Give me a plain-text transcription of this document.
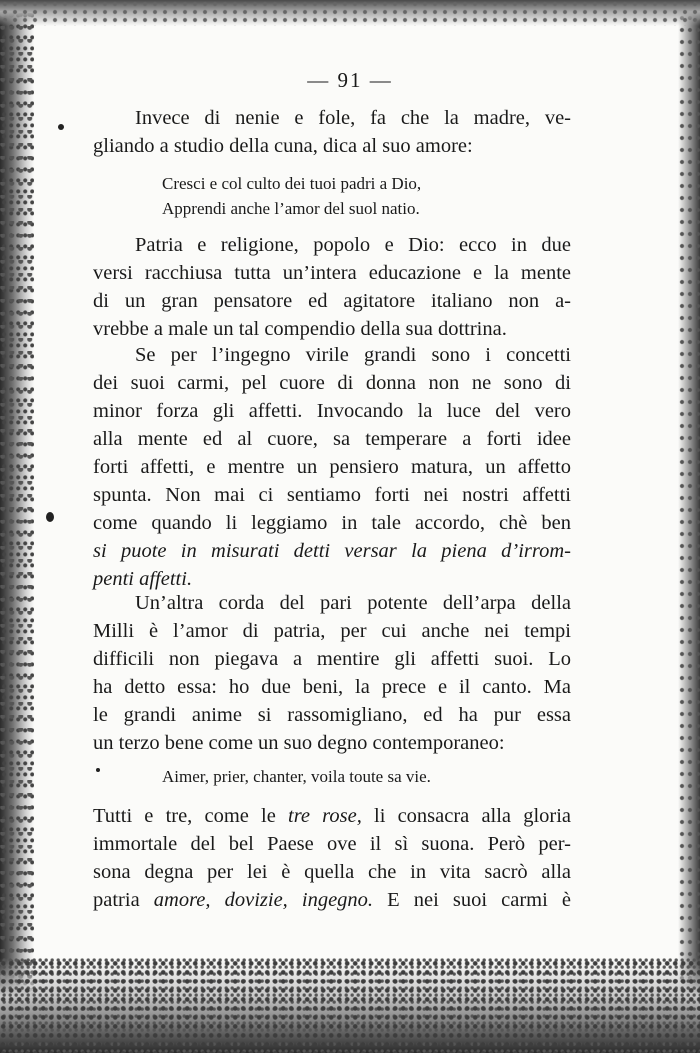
— 91 —
Invece di nenie e fole, fa che la madre, ve-
gliando a studio della cuna, dica al suo amore:
Cresci e col culto dei tuoi padri a Dio,
Apprendi anche l’amor del suol natio.
Patria e religione, popolo e Dio: ecco in due
versi racchiusa tutta un’intera educazione e la mente
di un gran pensatore ed agitatore italiano non a-
vrebbe a male un tal compendio della sua dottrina.
Se per l’ingegno virile grandi sono i concetti
dei suoi carmi, pel cuore di donna non ne sono di
minor forza gli affetti. Invocando la luce del vero
alla mente ed al cuore, sa temperare a forti idee
forti affetti, e mentre un pensiero matura, un affetto
spunta. Non mai ci sentiamo forti nei nostri affetti
come quando li leggiamo in tale accordo, chè ben
si puote in misurati detti versar la piena d’irrom-
penti affetti.
Un’altra corda del pari potente dell’arpa della
Milli è l’amor di patria, per cui anche nei tempi
difficili non piegava a mentire gli affetti suoi. Lo
ha detto essa: ho due beni, la prece e il canto. Ma
le grandi anime si rassomigliano, ed ha pur essa
un terzo bene come un suo degno contemporaneo:
Aimer, prier, chanter, voila toute sa vie.
Tutti e tre, come le tre rose, li consacra alla gloria
immortale del bel Paese ove il sì suona. Però per-
sona degna per lei è quella che in vita sacrò alla
patria amore, dovizie, ingegno. E nei suoi carmi è
